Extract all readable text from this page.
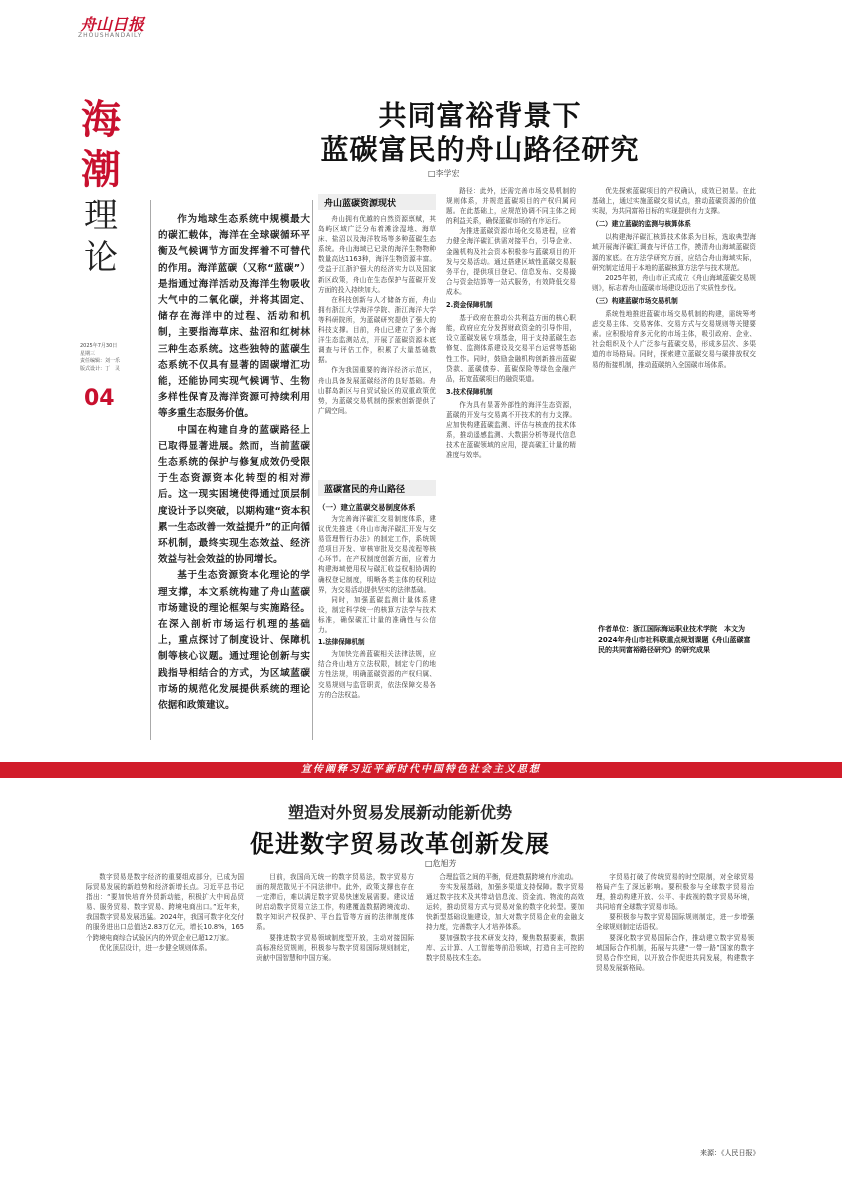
舟山日报
ZHOUSHANDAILY
海
潮
理
论
2025年7月30日
星期三
责任编辑：刘一乐
版式设计：丁　灵
04
共同富裕背景下
蓝碳富民的舟山路径研究
□李学宏

作为地球生态系统中规模最大的碳汇载体，海洋在全球碳循环平衡及气候调节方面发挥着不可替代的作用。海洋蓝碳（又称“蓝碳”）是指通过海洋活动及海洋生物吸收大气中的二氧化碳，并将其固定、储存在海洋中的过程、活动和机制，主要指海草床、盐沼和红树林三种生态系统。这些独特的蓝碳生态系统不仅具有显著的固碳增汇功能，还能协同实现气候调节、生物多样性保育及海洋资源可持续利用等多重生态服务价值。

中国在构建自身的蓝碳路径上已取得显著进展。然而，当前蓝碳生态系统的保护与修复成效仍受限于生态资源资本化转型的相对滞后。这一现实困境使得通过顶层制度设计予以突破，以期构建“资本积累一生态改善一效益提升”的正向循环机制，最终实现生态效益、经济效益与社会效益的协同增长。

基于生态资源资本化理论的学理支撑，本文系统构建了舟山蓝碳市场建设的理论框架与实施路径。在深入剖析市场运行机理的基础上，重点探讨了制度设计、保障机制等核心议题。通过理论创新与实践指导相结合的方式，为区域蓝碳市场的规范化发展提供系统的理论依据和政策建议。

舟山蓝碳资源现状

舟山拥有优越的自然资源禀赋，其岛屿区域广泛分布着滩涂湿地、海草床、盐沼以及海洋牧场等多种蓝碳生态系统。舟山海域已记录的海洋生物物种数量高达1163种，海洋生物资源丰富。受益于江浙沪强大的经济实力以及国家新区政策，舟山在生态保护与蓝碳开发方面的投入持续加大。

在科技创新与人才储备方面，舟山拥有浙江大学海洋学院、浙江海洋大学等科研院所，为蓝碳研究提供了强大的科技支撑。目前，舟山已建立了多个海洋生态监测站点，开展了蓝碳资源本底调查与评估工作，积累了大量基础数据。

作为我国重要的海洋经济示范区，舟山具备发展蓝碳经济的良好基础。舟山群岛新区与自贸试验区的双重政策优势，为蓝碳交易机制的探索创新提供了广阔空间。

蓝碳富民的舟山路径
（一）建立蓝碳交易制度体系

为完善海洋碳汇交易制度体系，建议优先推进《舟山市海洋碳汇开发与交易管理暂行办法》的制定工作，系统规范项目开发、审核审批及交易流程等核心环节。在产权制度创新方面，应着力构建海域使用权与碳汇收益权相协调的确权登记制度，明晰各类主体的权利边界，为交易活动提供坚实的法律基础。

同时，加强蓝碳监测计量体系建设，制定科学统一的核算方法学与技术标准，确保碳汇计量的准确性与公信力。

1.法律保障机制

为加快完善蓝碳相关法律法规，应结合舟山地方立法权限，制定专门的地方性法规，明确蓝碳资源的产权归属、交易规则与监管职责，依法保障交易各方的合法权益。

路径：此外，还需完善市场交易机制的规则体系，并规范蓝碳项目的产权归属问题。在此基础上，应规范协调不同主体之间的利益关系，确保蓝碳市场的有序运行。

为推进蓝碳资源市场化交易进程，应着力健全海洋碳汇供需对接平台，引导企业、金融机构及社会资本积极参与蓝碳项目的开发与交易活动。通过搭建区域性蓝碳交易服务平台，提供项目登记、信息发布、交易撮合与资金结算等一站式服务，有效降低交易成本。

2.资金保障机制

基于政府在推动公共利益方面的核心职能，政府应充分发挥财政资金的引导作用，设立蓝碳发展专项基金，用于支持蓝碳生态修复、监测体系建设及交易平台运营等基础性工作。同时，鼓励金融机构创新推出蓝碳贷款、蓝碳债券、蓝碳保险等绿色金融产品，拓宽蓝碳项目的融资渠道。

3.技术保障机制

作为具有显著外部性的海洋生态资源，蓝碳的开发与交易离不开技术的有力支撑。应加快构建蓝碳监测、评估与核查的技术体系，推动遥感监测、大数据分析等现代信息技术在蓝碳领域的应用，提高碳汇计量的精准度与效率。

优先探索蓝碳项目的产权确认，成效已初显。在此基础上，通过实施蓝碳交易试点，推动蓝碳资源的价值实现，为共同富裕目标的实现提供有力支撑。

（二）建立蓝碳的监测与核算体系

以构建海洋碳汇核算技术体系为目标，选取典型海域开展海洋碳汇调查与评估工作，摸清舟山海域蓝碳资源的家底。在方法学研究方面，应结合舟山海域实际，研究制定适用于本地的蓝碳核算方法学与技术规范。

2025年初，舟山市正式成立《舟山海域蓝碳交易规则》，标志着舟山蓝碳市场建设迈出了实质性步伐。

（三）构建蓝碳市场交易机制

系统性地推进蓝碳市场交易机制的构建，需统筹考虑交易主体、交易客体、交易方式与交易规则等关键要素。应积极培育多元化的市场主体，吸引政府、企业、社会组织及个人广泛参与蓝碳交易，形成多层次、多渠道的市场格局。同时，探索建立蓝碳交易与碳排放权交易的衔接机制，推动蓝碳纳入全国碳市场体系。

作者单位：浙江国际海运职业技术学院　本文为2024年舟山市社科联重点规划课题《舟山蓝碳富民的共同富裕路径研究》的研究成果
宣传阐释习近平新时代中国特色社会主义思想
塑造对外贸易发展新动能新优势
促进数字贸易改革创新发展
□危旭芳

数字贸易是数字经济的重要组成部分，已成为国际贸易发展的新趋势和经济新增长点。习近平总书记指出：“要加快培育外贸新动能，积极扩大中间品贸易、服务贸易、数字贸易、跨境电商出口。”近年来，我国数字贸易发展迅猛。2024年，我国可数字化交付的服务进出口总值达2.83万亿元，增长10.8%，165个跨境电商综合试验区内的外贸企业已超12万家。

优化顶层设计，进一步健全规则体系。

目前，我国尚无统一的数字贸易法，数字贸易方面的规范散见于不同法律中。此外，政策支撑也存在一定滞后，难以满足数字贸易快速发展需要。建议适时启动数字贸易立法工作，构建覆盖数据跨境流动、数字知识产权保护、平台监管等方面的法律制度体系。

要推进数字贸易领域制度型开放，主动对接国际高标准经贸规则，积极参与数字贸易国际规则制定，贡献中国智慧和中国方案。

合理监管之间的平衡，促进数据跨境有序流动。

夯实发展基础，加强多渠道支持保障。数字贸易通过数字技术及其带动信息流、资金流、物流的高效运转，推动贸易方式与贸易对象的数字化转型。要加快新型基础设施建设，加大对数字贸易企业的金融支持力度，完善数字人才培养体系。

要加强数字技术研发支持，聚焦数据要素，数据库、云计算、人工智能等前沿领域，打造自主可控的数字贸易技术生态。

字贸易打破了传统贸易的时空限制，对全球贸易格局产生了深远影响。要积极参与全球数字贸易治理，推动构建开放、公平、非歧视的数字贸易环境，共同培育全球数字贸易市场。

要积极参与数字贸易国际规则制定，进一步增强全球规则制定话语权。

要深化数字贸易国际合作，推动建立数字贸易领域国际合作机制，拓展与共建“一带一路”国家的数字贸易合作空间，以开放合作促进共同发展，构建数字贸易发展新格局。

来源：《人民日报》
